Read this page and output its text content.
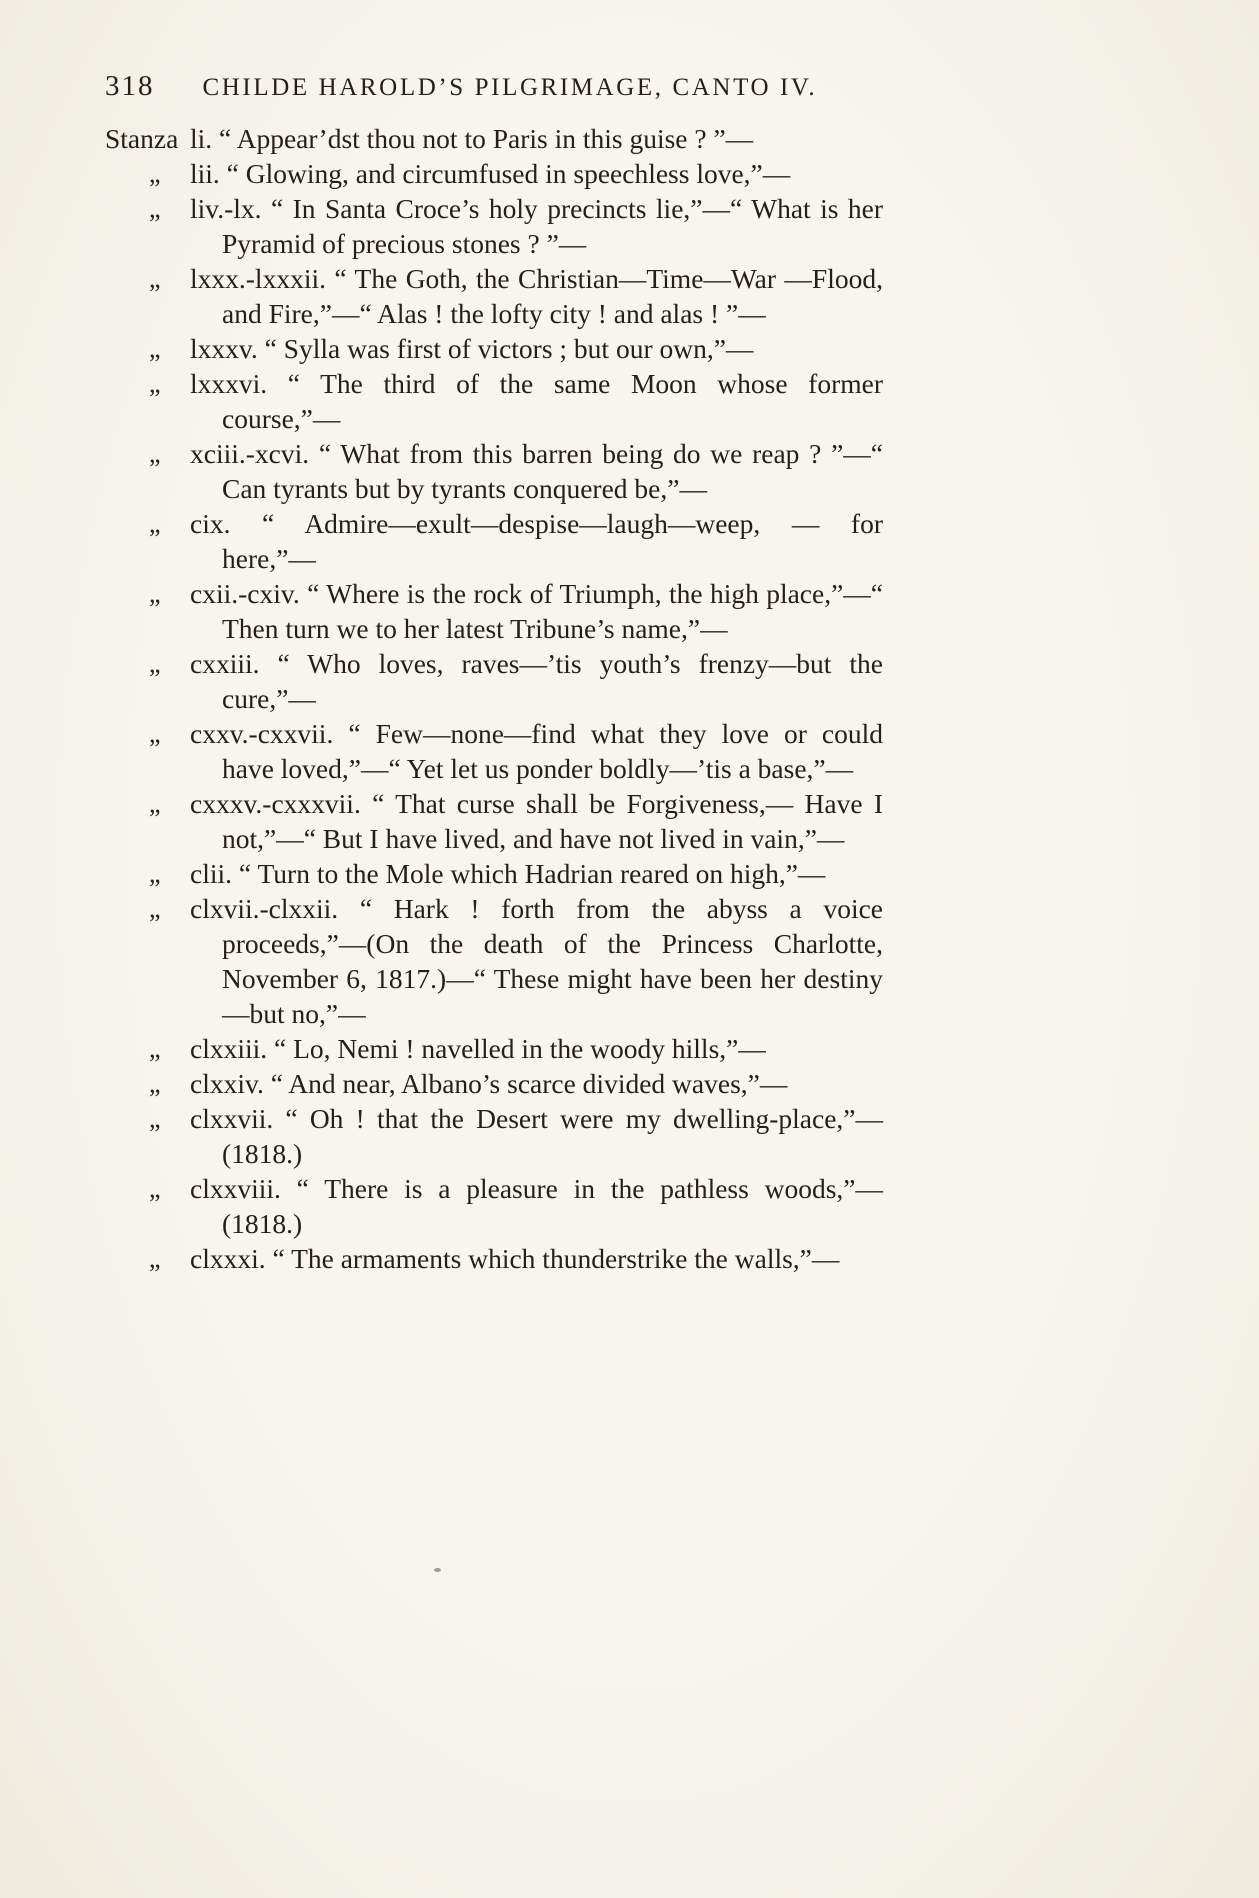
318 CHILDE HAROLD’S PILGRIMAGE, CANTO IV.
Stanza li. “ Appear’dst thou not to Paris in this guise ? ”—
„ lii. “ Glowing, and circumfused in speechless love,”—
„ liv.-lx. “ In Santa Croce’s holy precincts lie,”—“ What is her Pyramid of precious stones ? ”—
„ lxxx.-lxxxii. “ The Goth, the Christian—Time—War —Flood, and Fire,”—“ Alas ! the lofty city ! and alas ! ”—
„ lxxxv. “ Sylla was first of victors ; but our own,”—
„ lxxxvi. “ The third of the same Moon whose former course,”—
„ xciii.-xcvi. “ What from this barren being do we reap ? ”—“ Can tyrants but by tyrants conquered be,”—
„ cix. “ Admire—exult—despise—laugh—weep, — for here,”—
„ cxii.-cxiv. “ Where is the rock of Triumph, the high place,”—“ Then turn we to her latest Tribune’s name,”—
„ cxxiii. “ Who loves, raves—’tis youth’s frenzy—but the cure,”—
„ cxxv.-cxxvii. “ Few—none—find what they love or could have loved,”—“ Yet let us ponder boldly—’tis a base,”—
„ cxxxv.-cxxxvii. “ That curse shall be Forgiveness,— Have I not,”—“ But I have lived, and have not lived in vain,”—
„ clii. “ Turn to the Mole which Hadrian reared on high,”—
„ clxvii.-clxxii. “ Hark ! forth from the abyss a voice proceeds,”—(On the death of the Princess Charlotte, November 6, 1817.)—“ These might have been her destiny—but no,”—
„ clxxiii. “ Lo, Nemi ! navelled in the woody hills,”—
„ clxxiv. “ And near, Albano’s scarce divided waves,”—
„ clxxvii. “ Oh ! that the Desert were my dwelling-place,”—(1818.)
„ clxxviii. “ There is a pleasure in the pathless woods,”— (1818.)
„ clxxxi. “ The armaments which thunderstrike the walls,”—
